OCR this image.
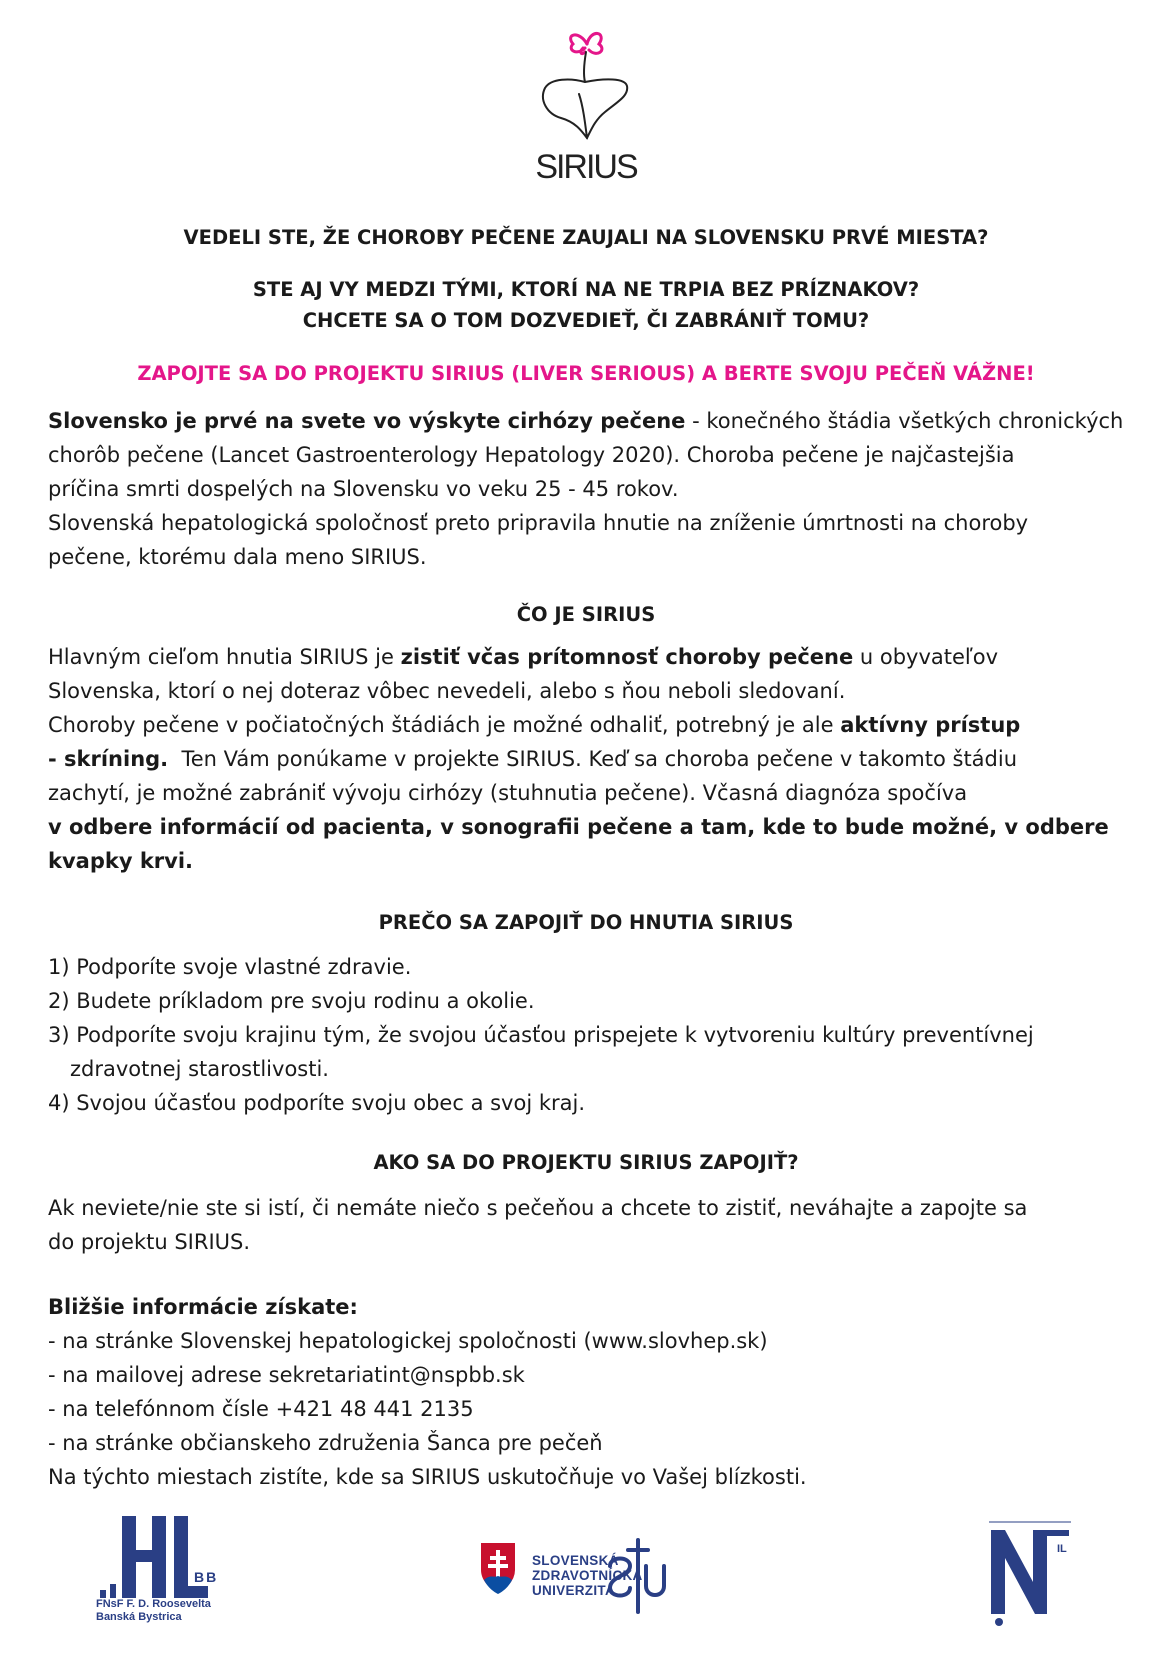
SIRIUS
VEDELI STE, ŽE CHOROBY PEČENE ZAUJALI NA SLOVENSKU PRVÉ MIESTA?
STE AJ VY MEDZI TÝMI, KTORÍ NA NE TRPIA BEZ PRÍZNAKOV?
CHCETE SA O TOM DOZVEDIEŤ, ČI ZABRÁNIŤ TOMU?
ZAPOJTE SA DO PROJEKTU SIRIUS (LIVER SERIOUS) A BERTE SVOJU PEČEŇ VÁŽNE!
Slovensko je prvé na svete vo výskyte cirhózy pečene - konečného štádia všetkých chronických
chorôb pečene (Lancet Gastroenterology Hepatology 2020). Choroba pečene je najčastejšia
príčina smrti dospelých na Slovensku vo veku 25 - 45 rokov.
Slovenská hepatologická spoločnosť preto pripravila hnutie na zníženie úmrtnosti na choroby
pečene, ktorému dala meno SIRIUS.
ČO JE SIRIUS
Hlavným cieľom hnutia SIRIUS je zistiť včas prítomnosť choroby pečene u obyvateľov
Slovenska, ktorí o nej doteraz vôbec nevedeli, alebo s ňou neboli sledovaní.
Choroby pečene v počiatočných štádiách je možné odhaliť, potrebný je ale aktívny prístup
- skríning.  Ten Vám ponúkame v projekte SIRIUS. Keď sa choroba pečene v takomto štádiu
zachytí, je možné zabrániť vývoju cirhózy (stuhnutia pečene). Včasná diagnóza spočíva
v odbere informácií od pacienta, v sonografii pečene a tam, kde to bude možné, v odbere
kvapky krvi.
PREČO SA ZAPOJIŤ DO HNUTIA SIRIUS
1) Podporíte svoje vlastné zdravie.
2) Budete príkladom pre svoju rodinu a okolie.
3) Podporíte svoju krajinu tým, že svojou účasťou prispejete k vytvoreniu kultúry preventívnej
zdravotnej starostlivosti.
4) Svojou účasťou podporíte svoju obec a svoj kraj.
AKO SA DO PROJEKTU SIRIUS ZAPOJIŤ?
Ak neviete/nie ste si istí, či nemáte niečo s pečeňou a chcete to zistiť, neváhajte a zapojte sa
do projektu SIRIUS.
Bližšie informácie získate:
- na stránke Slovenskej hepatologickej spoločnosti (www.slovhep.sk)
- na mailovej adrese sekretariatint@nspbb.sk
- na telefónnom čísle +421 48 441 2135
- na stránke občianskeho združenia Šanca pre pečeň
Na týchto miestach zistíte, kde sa SIRIUS uskutočňuje vo Vašej blízkosti.
BB
FNsF F. D. Roosevelta
Banská Bystrica
SLOVENSKÁ
ZDRAVOTNÍCKA
UNIVERZITA
IL
